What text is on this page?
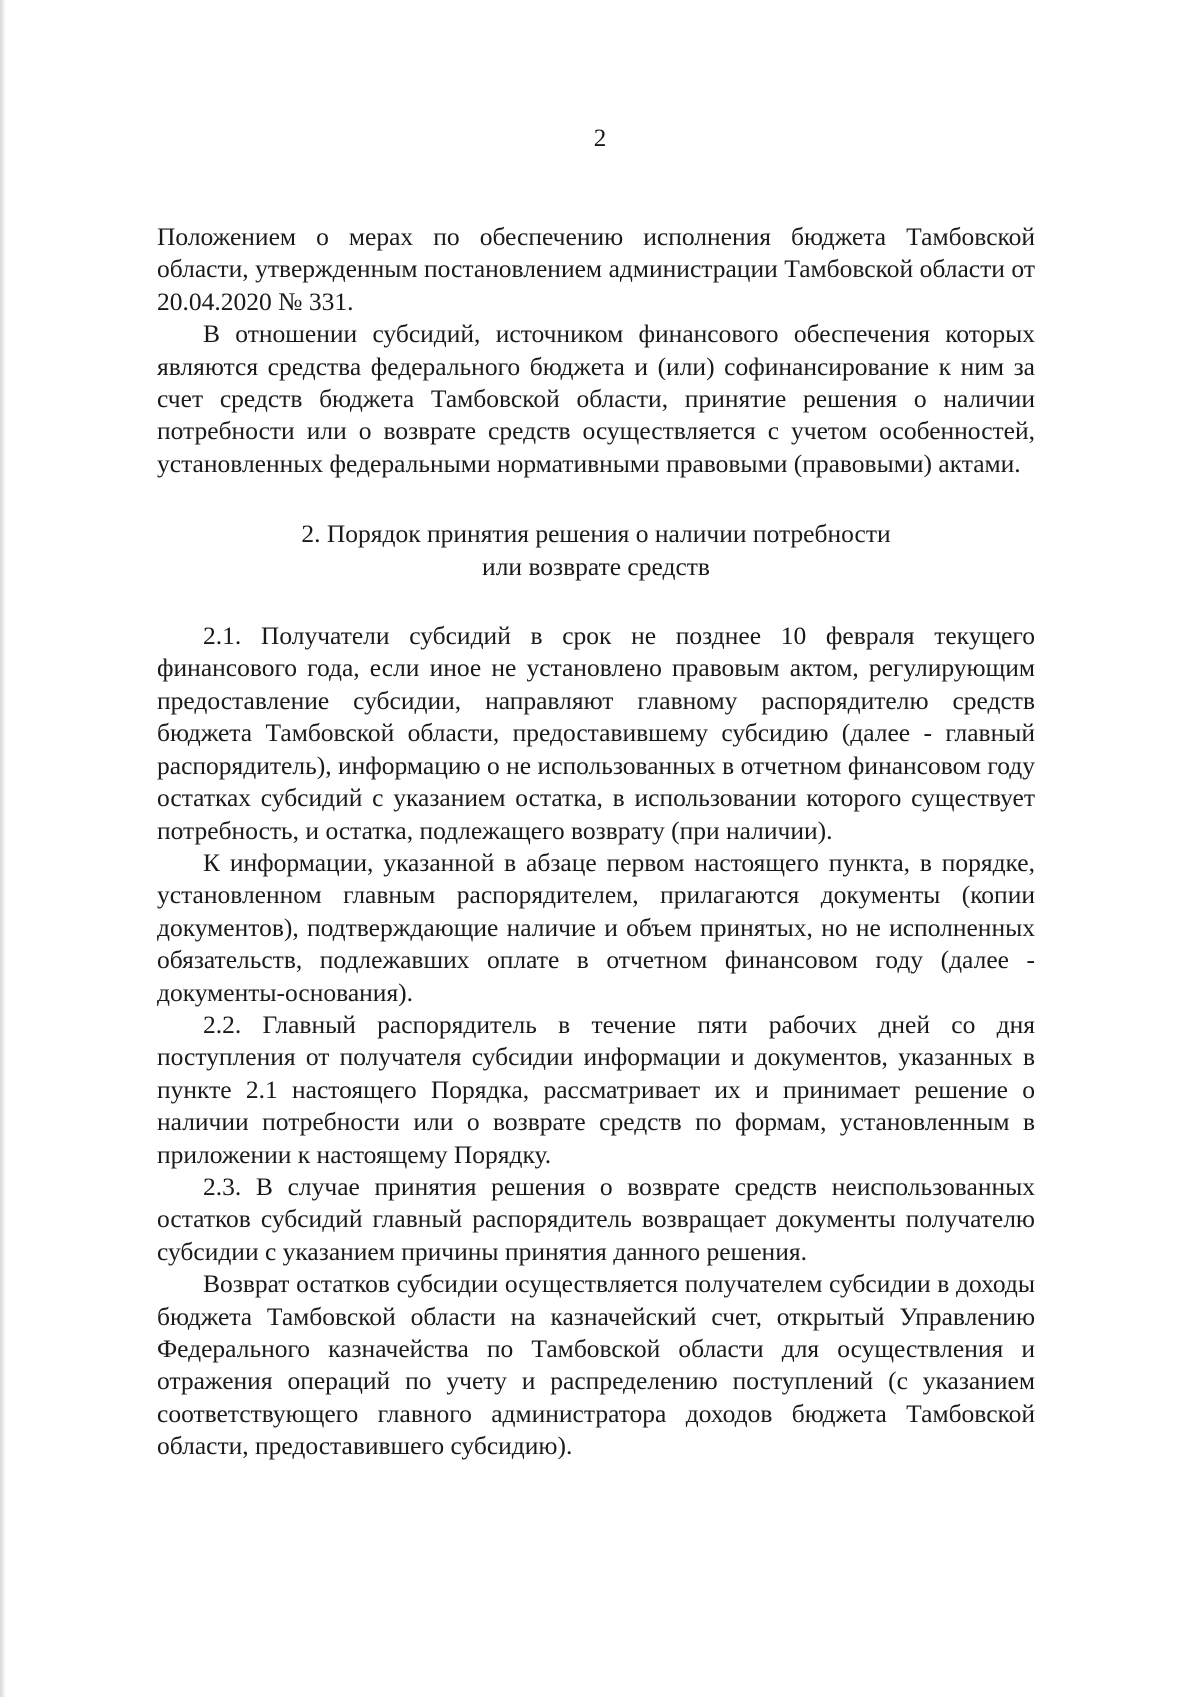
2

Положением о мерах по обеспечению исполнения бюджета Тамбовской области, утвержденным постановлением администрации Тамбовской области от 20.04.2020 № 331.

В отношении субсидий, источником финансового обеспечения которых являются средства федерального бюджета и (или) софинансирование к ним за счет средств бюджета Тамбовской области, принятие решения о наличии потребности или о возврате средств осуществляется с учетом особенностей, установленных федеральными нормативными правовыми (правовыми) актами.

2. Порядок принятия решения о наличии потребности
или возврате средств

2.1. Получатели субсидий в срок не позднее 10 февраля текущего финансового года, если иное не установлено правовым актом, регулирующим предоставление субсидии, направляют главному распорядителю средств бюджета Тамбовской области, предоставившему субсидию (далее - главный распорядитель), информацию о не использованных в отчетном финансовом году остатках субсидий с указанием остатка, в использовании которого существует потребность, и остатка, подлежащего возврату (при наличии).

К информации, указанной в абзаце первом настоящего пункта, в порядке, установленном главным распорядителем, прилагаются документы (копии документов), подтверждающие наличие и объем принятых, но не исполненных обязательств, подлежавших оплате в отчетном финансовом году (далее - документы-основания).

2.2. Главный распорядитель в течение пяти рабочих дней со дня поступления от получателя субсидии информации и документов, указанных в пункте 2.1 настоящего Порядка, рассматривает их и принимает решение о наличии потребности или о возврате средств по формам, установленным в приложении к настоящему Порядку.

2.3. В случае принятия решения о возврате средств неиспользованных остатков субсидий главный распорядитель возвращает документы получателю субсидии с указанием причины принятия данного решения.

Возврат остатков субсидии осуществляется получателем субсидии в доходы бюджета Тамбовской области на казначейский счет, открытый Управлению Федерального казначейства по Тамбовской области для осуществления и отражения операций по учету и распределению поступлений (с указанием соответствующего главного администратора доходов бюджета Тамбовской области, предоставившего субсидию).
